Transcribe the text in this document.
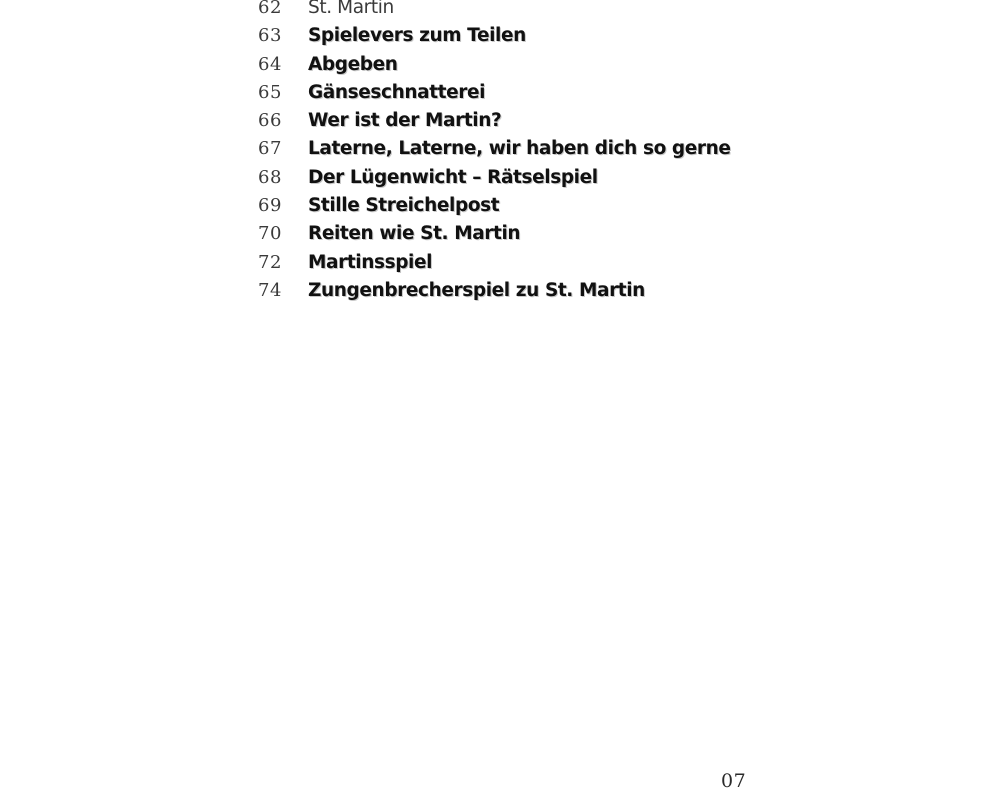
62	St. Martin
63	Spielevers zum Teilen
64	Abgeben
65	Gänseschnatterei
66	Wer ist der Martin?
67	Laterne, Laterne, wir haben dich so gerne
68	Der Lügenwicht – Rätselspiel
69	Stille Streichelpost
70	Reiten wie St. Martin
72	Martinsspiel
74	Zungenbrecherspiel zu St. Martin
07
